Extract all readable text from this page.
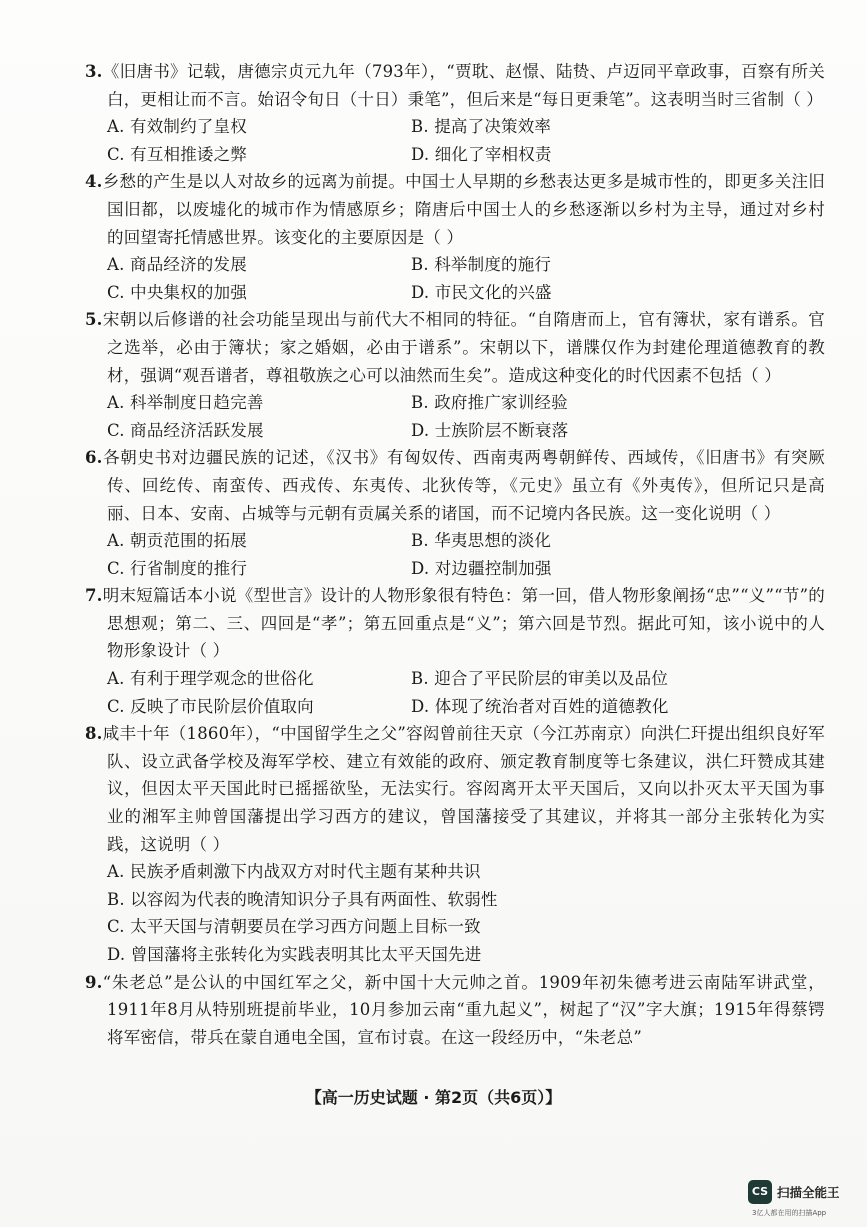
3.《旧唐书》记载，唐德宗贞元九年（793年），“贾耽、赵憬、陆贽、卢迈同平章政事，百察有所关白，更相让而不言。始诏令旬日（十日）秉笔”，但后来是“每日更秉笔”。这表明当时三省制（ ）

A. 有效制约了皇权	B. 提高了决策效率
C. 有互相推诿之弊	D. 细化了宰相权责

4.乡愁的产生是以人对故乡的远离为前提。中国士人早期的乡愁表达更多是城市性的，即更多关注旧国旧都，以废墟化的城市作为情感原乡；隋唐后中国士人的乡愁逐渐以乡村为主导，通过对乡村的回望寄托情感世界。该变化的主要原因是（ ）

A. 商品经济的发展	B. 科举制度的施行
C. 中央集权的加强	D. 市民文化的兴盛

5.宋朝以后修谱的社会功能呈现出与前代大不相同的特征。“自隋唐而上，官有簿状，家有谱系。官之选举，必由于簿状；家之婚姻，必由于谱系”。宋朝以下，谱牒仅作为封建伦理道德教育的教材，强调“观吾谱者，尊祖敬族之心可以油然而生矣”。造成这种变化的时代因素不包括（ ）

A. 科举制度日趋完善	B. 政府推广家训经验
C. 商品经济活跃发展	D. 士族阶层不断衰落

6.各朝史书对边疆民族的记述，《汉书》有匈奴传、西南夷两粤朝鲜传、西域传，《旧唐书》有突厥传、回纥传、南蛮传、西戎传、东夷传、北狄传等，《元史》虽立有《外夷传》，但所记只是高丽、日本、安南、占城等与元朝有贡属关系的诸国，而不记境内各民族。这一变化说明（ ）

A. 朝贡范围的拓展	B. 华夷思想的淡化
C. 行省制度的推行	D. 对边疆控制加强

7.明末短篇话本小说《型世言》设计的人物形象很有特色：第一回，借人物形象阐扬“忠”“义”“节”的思想观；第二、三、四回是“孝”；第五回重点是“义”；第六回是节烈。据此可知，该小说中的人物形象设计（ ）

A. 有利于理学观念的世俗化	B. 迎合了平民阶层的审美以及品位
C. 反映了市民阶层价值取向	D. 体现了统治者对百姓的道德教化

8.咸丰十年（1860年），“中国留学生之父”容闳曾前往天京（今江苏南京）向洪仁玕提出组织良好军队、设立武备学校及海军学校、建立有效能的政府、颁定教育制度等七条建议，洪仁玕赞成其建议，但因太平天国此时已摇摇欲坠，无法实行。容闳离开太平天国后，又向以扑灭太平天国为事业的湘军主帅曾国藩提出学习西方的建议，曾国藩接受了其建议，并将其一部分主张转化为实践，这说明（ ）

A. 民族矛盾刺激下内战双方对时代主题有某种共识
B. 以容闳为代表的晚清知识分子具有两面性、软弱性
C. 太平天国与清朝要员在学习西方问题上目标一致
D. 曾国藩将主张转化为实践表明其比太平天国先进

9.“朱老总”是公认的中国红军之父，新中国十大元帅之首。1909年初朱德考进云南陆军讲武堂，1911年8月从特别班提前毕业，10月参加云南“重九起义”，树起了“汉”字大旗；1915年得蔡锷将军密信，带兵在蒙自通电全国，宣布讨袁。在这一段经历中，“朱老总”

【高一历史试题 · 第2页（共6页）】
CS 扫描全能王
3亿人都在用的扫描App
